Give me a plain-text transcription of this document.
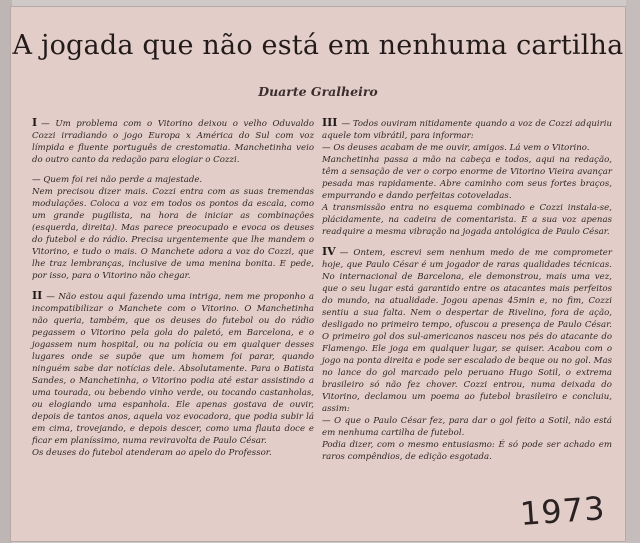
A jogada que não está em nenhuma cartilha
Duarte Gralheiro

I — Um problema com o Vitorino deixou o velho Oduvaldo Cozzi irradiando o jogo Europa x América do Sul com voz límpida e fluente português de crestomatia. Manchetinha veio do outro canto da redação para elogiar o Cozzi.

— Quem foi rei não perde a majestade.

Nem precisou dizer mais. Cozzi entra com as suas tremendas modulações. Coloca a voz em todos os pontos da escala, como um grande pugilista, na hora de iniciar as combinações (esquerda, direita). Mas parece preocupado e evoca os deuses do futebol e do rádio. Precisa urgentemente que lhe mandem o Vitorino, e tudo o mais. O Manchete adora a voz do Cozzi, que lhe traz lembranças, inclusive de uma menina bonita. E pede, por isso, para o Vitorino não chegar.

II — Não estou aqui fazendo uma intriga, nem me proponho a incompatibilizar o Manchete com o Vitorino. O Manchetinha não queria, também, que os deuses do futebol ou do rádio pegassem o Vitorino pela gola do paletó, em Barcelona, e o jogassem num hospital, ou na polícia ou em qualquer desses lugares onde se supõe que um homem foi parar, quando ninguém sabe dar notícias dele. Absolutamente. Para o Batista Sandes, o Manchetinha, o Vitorino podia até estar assistindo a uma tourada, ou bebendo vinho verde, ou tocando castanholas, ou elogiando uma espanhola. Ele apenas gostava de ouvir, depois de tantos anos, aquela voz evocadora, que podia subir lá em cima, trovejando, e depois descer, como uma flauta doce e ficar em planíssimo, numa reviravolta de Paulo César.

Os deuses do futebol atenderam ao apelo do Professor.

III — Todos ouviram nitidamente quando a voz de Cozzi adquiriu aquele tom vibrátil, para informar:

— Os deuses acabam de me ouvir, amigos. Lá vem o Vitorino.

Manchetinha passa a mão na cabeça e todos, aqui na redação, têm a sensação de ver o corpo enorme de Vitorino Vieira avançar pesada mas rapidamente. Abre caminho com seus fortes braços, empurrando e dando perfeitas cotoveladas.

A transmissão entra no esquema combinado e Cozzi instala-se, plácidamente, na cadeira de comentarista. E a sua voz apenas readquire a mesma vibração na jogada antológica de Paulo César.

IV — Ontem, escrevi sem nenhum medo de me comprometer hoje, que Paulo César é um jogador de raras qualidades técnicas. No internacional de Barcelona, ele demonstrou, mais uma vez, que o seu lugar está garantido entre os atacantes mais perfeitos do mundo, na atualidade. Jogou apenas 45min e, no fim, Cozzi sentiu a sua falta. Nem o despertar de Rivelino, fora de ação, desligado no primeiro tempo, ofuscou a presença de Paulo César. O primeiro gol dos sul-americanos nasceu nos pés do atacante do Flamengo. Ele joga em qualquer lugar, se quiser. Acabou com o jogo na ponta direita e pode ser escalado de beque ou no gol. Mas no lance do gol marcado pelo peruano Hugo Sotil, o extrema brasileiro só não fez chover. Cozzi entrou, numa deixada do Vitorino, declamou um poema ao futebol brasileiro e concluiu, assim:

— O que o Paulo César fez, para dar o gol feito a Sotil, não está em nenhuma cartilha de futebol.

Podia dizer, com o mesmo entusiasmo: É só pode ser achado em raros compêndios, de edição esgotada.

1973
